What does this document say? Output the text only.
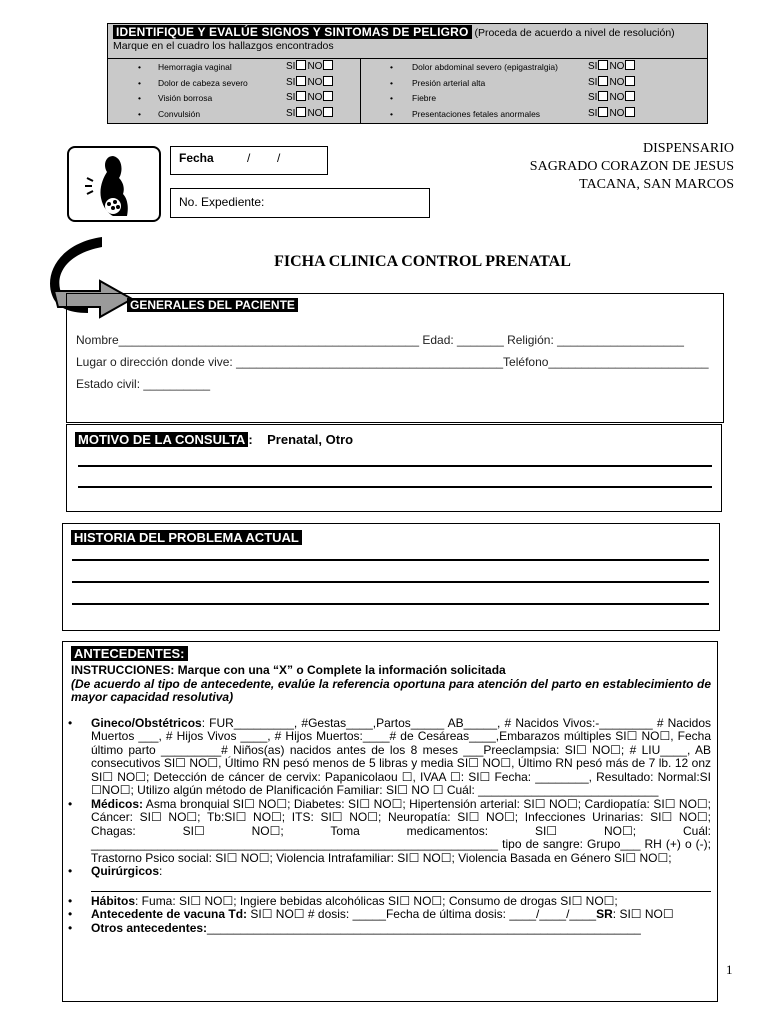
IDENTIFIQUE Y EVALÚE SIGNOS Y SINTOMAS DE PELIGRO (Proceda de acuerdo a nivel de resolución) Marque en el cuadro los hallazgos encontrados
• Hemorragia vaginal	SI NO
• Dolor de cabeza severo	SI NO
• Visión borrosa	SI NO
• Convulsión	SI NO
• Dolor abdominal severo (epigastralgia)	SI NO
• Presión arterial alta	SI NO
• Fiebre	SI NO
• Presentaciones fetales anormales	SI NO
Fecha	/        /
No. Expediente:
DISPENSARIO
SAGRADO CORAZON DE JESUS
TACANA, SAN MARCOS
FICHA CLINICA CONTROL PRENATAL
GENERALES DEL PACIENTE
Nombre_____________________________________________ Edad: _______ Religión: ___________________
Lugar o dirección donde vive: ________________________________________Teléfono________________________
Estado civil: __________
MOTIVO DE LA CONSULTA : Prenatal, Otro
HISTORIA DEL PROBLEMA ACTUAL
ANTECEDENTES:

INSTRUCCIONES: Marque con una “X” o Complete la información solicitada

(De acuerdo al tipo de antecedente, evalúe la referencia oportuna para atención del parto en establecimiento de mayor capacidad resolutiva)

• Gineco/Obstétricos: FUR_________, #Gestas____,Partos_____ AB_____, # Nacidos Vivos:-________ # Nacidos Muertos ___, # Hijos Vivos ____, # Hijos Muertos:____# de Cesáreas____,Embarazos múltiples SI☐ NO☐, Fecha último parto _________# Niños(as) nacidos antes de los 8 meses ___Preeclampsia: SI☐ NO☐; # LIU____, AB consecutivos SI☐ NO☐, Último RN pesó menos de 5 libras y media SI☐ NO☐, Último RN pesó más de 7 lb. 12 onz SI☐ NO☐; Detección de cáncer de cervix: Papanicolaou ☐, IVAA ☐: SI☐ Fecha: ________, Resultado: Normal:SI ☐NO☐; Utilizo algún método de Planificación Familiar: SI☐ NO ☐ Cuál: ___________________________

• Médicos: Asma bronquial SI☐ NO☐; Diabetes: SI☐ NO☐; Hipertensión arterial: SI☐ NO☐; Cardiopatía: SI☐ NO☐; Cáncer: SI☐ NO☐; Tb:SI☐ NO☐; ITS: SI☐ NO☐; Neuropatía: SI☐ NO☐; Infecciones Urinarias: SI☐ NO☐; Chagas: SI☐ NO☐; Toma medicamentos: SI☐ NO☐; Cuál: _____________________________________________________________ tipo de sangre: Grupo___ RH (+) o (-); Trastorno Psico social: SI☐ NO☐; Violencia Intrafamiliar: SI☐ NO☐; Violencia Basada en Género SI☐ NO☐;

• Quirúrgicos:

• Hábitos: Fuma: SI☐ NO☐; Ingiere bebidas alcohólicas SI☐ NO☐; Consumo de drogas SI☐ NO☐;

• Antecedente de vacuna Td: SI☐ NO☐ # dosis: _____Fecha de última dosis: ____/____/____SR: SI☐ NO☐

• Otros antecedentes:_________________________________________________________________

1
